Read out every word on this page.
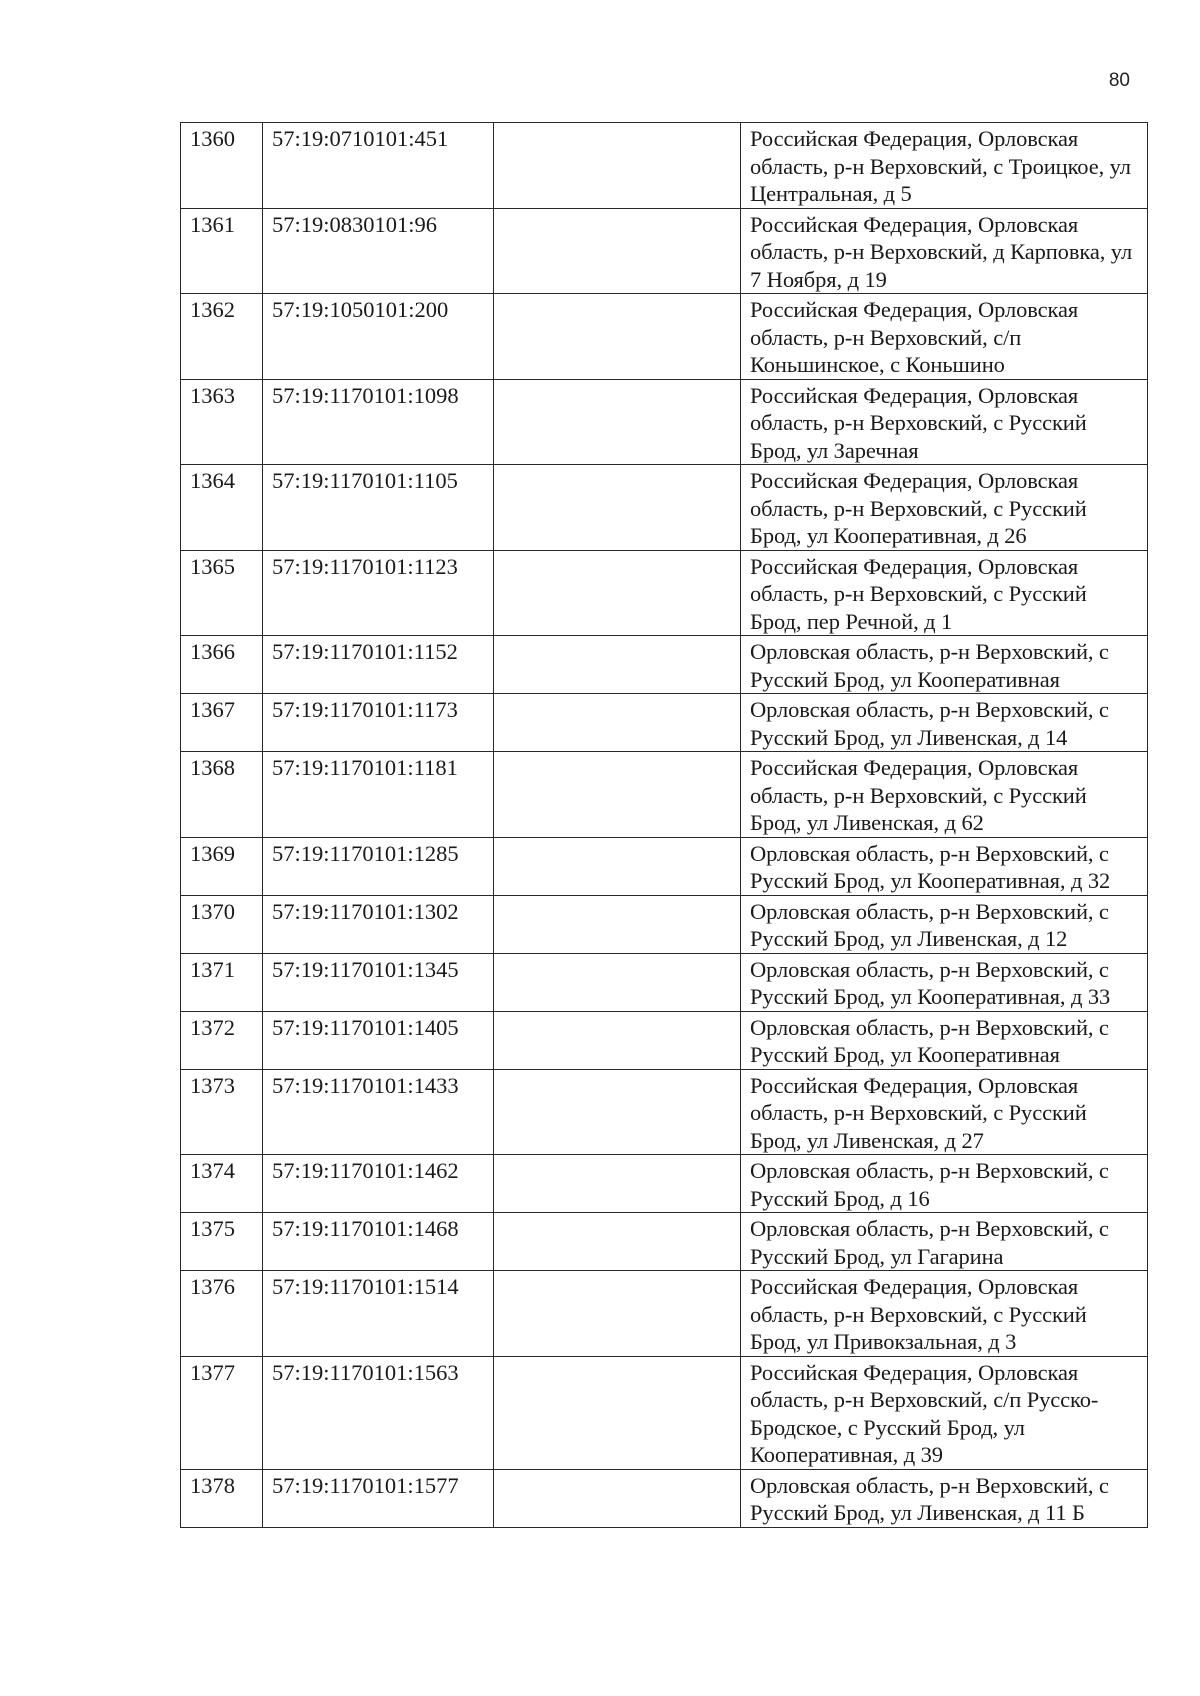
80
1360	57:19:0710101:451		Российская Федерация, Орловская область, р-н Верховский, с Троицкое, ул Центральная, д 5
1361	57:19:0830101:96		Российская Федерация, Орловская область, р-н Верховский, д Карповка, ул 7 Ноября, д 19
1362	57:19:1050101:200		Российская Федерация, Орловская область, р-н Верховский, с/п Коньшинское, с Коньшино
1363	57:19:1170101:1098		Российская Федерация, Орловская область, р-н Верховский, с Русский Брод, ул Заречная
1364	57:19:1170101:1105		Российская Федерация, Орловская область, р-н Верховский, с Русский Брод, ул Кооперативная, д 26
1365	57:19:1170101:1123		Российская Федерация, Орловская область, р-н Верховский, с Русский Брод, пер Речной, д 1
1366	57:19:1170101:1152		Орловская область, р-н Верховский, с Русский Брод, ул Кооперативная
1367	57:19:1170101:1173		Орловская область, р-н Верховский, с Русский Брод, ул Ливенская, д 14
1368	57:19:1170101:1181		Российская Федерация, Орловская область, р-н Верховский, с Русский Брод, ул Ливенская, д 62
1369	57:19:1170101:1285		Орловская область, р-н Верховский, с Русский Брод, ул Кооперативная, д 32
1370	57:19:1170101:1302		Орловская область, р-н Верховский, с Русский Брод, ул Ливенская, д 12
1371	57:19:1170101:1345		Орловская область, р-н Верховский, с Русский Брод, ул Кооперативная, д 33
1372	57:19:1170101:1405		Орловская область, р-н Верховский, с Русский Брод, ул Кооперативная
1373	57:19:1170101:1433		Российская Федерация, Орловская область, р-н Верховский, с Русский Брод, ул Ливенская, д 27
1374	57:19:1170101:1462		Орловская область, р-н Верховский, с Русский Брод, д 16
1375	57:19:1170101:1468		Орловская область, р-н Верховский, с Русский Брод, ул Гагарина
1376	57:19:1170101:1514		Российская Федерация, Орловская область, р-н Верховский, с Русский Брод, ул Привокзальная, д 3
1377	57:19:1170101:1563		Российская Федерация, Орловская область, р-н Верховский, с/п Русско-Бродское, с Русский Брод, ул Кооперативная, д 39
1378	57:19:1170101:1577		Орловская область, р-н Верховский, с Русский Брод, ул Ливенская, д 11 Б
